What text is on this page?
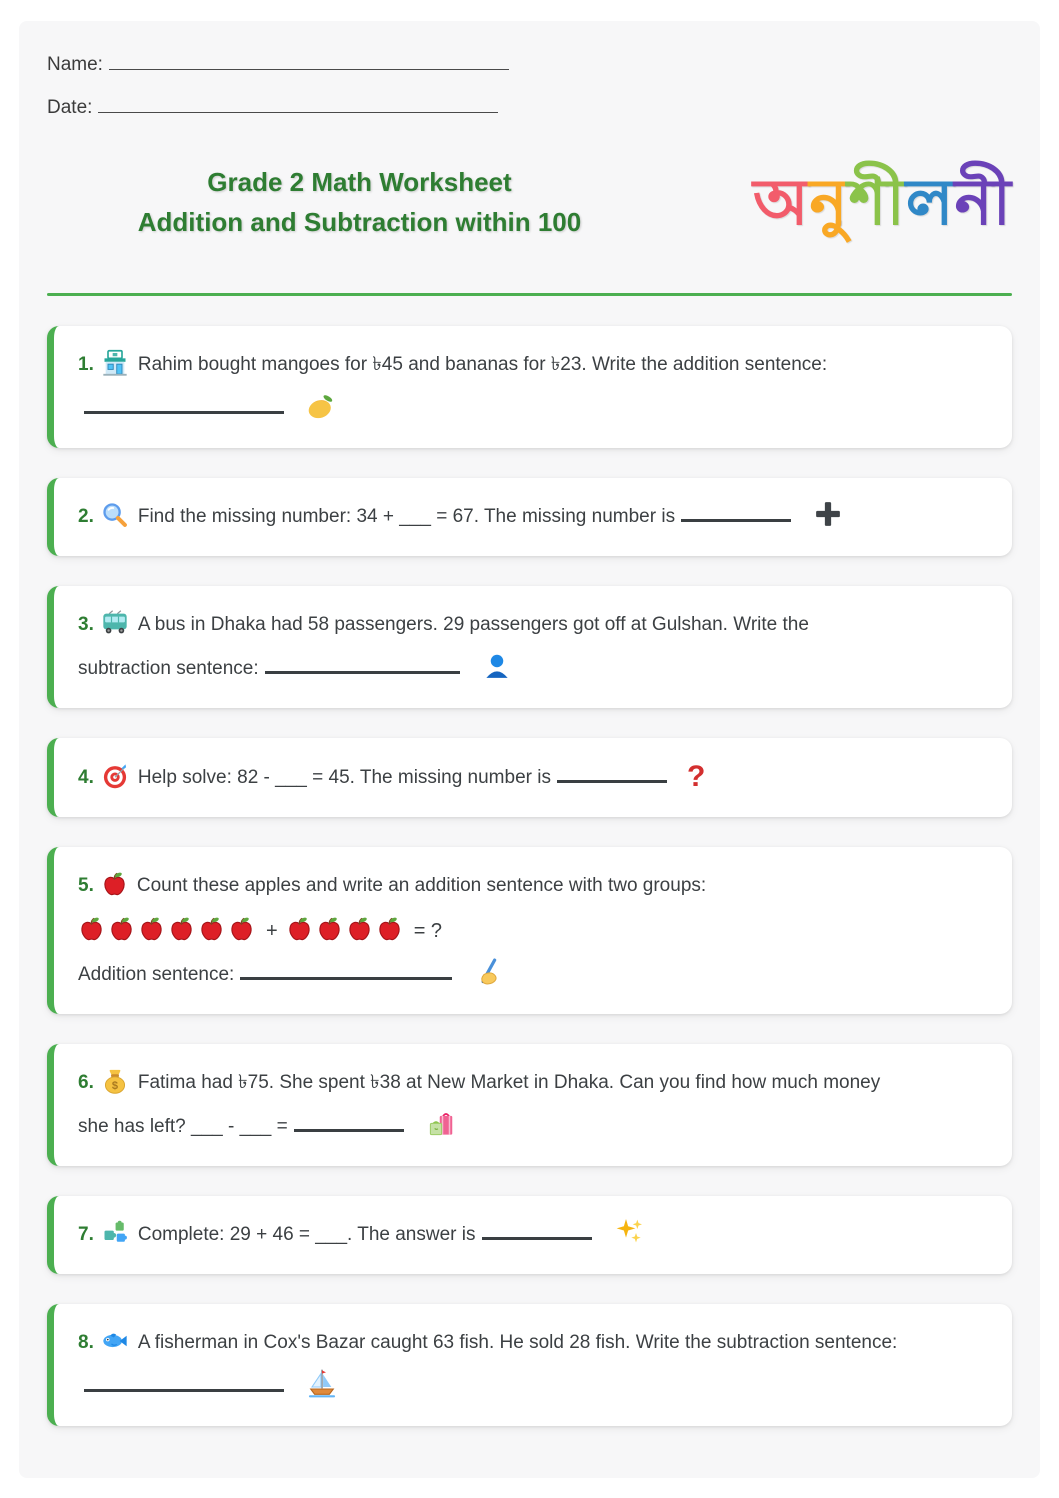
Name:
Date:
Grade 2 Math Worksheet
Addition and Subtraction within 100	অনুশীলনী
1. Rahim bought mangoes for ৳45 and bananas for ৳23. Write the addition sentence:
2. Find the missing number: 34 + ___ = 67. The missing number is
3. A bus in Dhaka had 58 passengers. 29 passengers got off at Gulshan. Write the
subtraction sentence:
4. Help solve: 82 - ___ = 45. The missing number is	?
5. Count these apples and write an addition sentence with two groups:
+	= ?
Addition sentence:
6. $ Fatima had ৳75. She spent ৳38 at New Market in Dhaka. Can you find how much money
she has left? ___ - ___ =
7. Complete: 29 + 46 = ___. The answer is
8. A fisherman in Cox's Bazar caught 63 fish. He sold 28 fish. Write the subtraction sentence:
